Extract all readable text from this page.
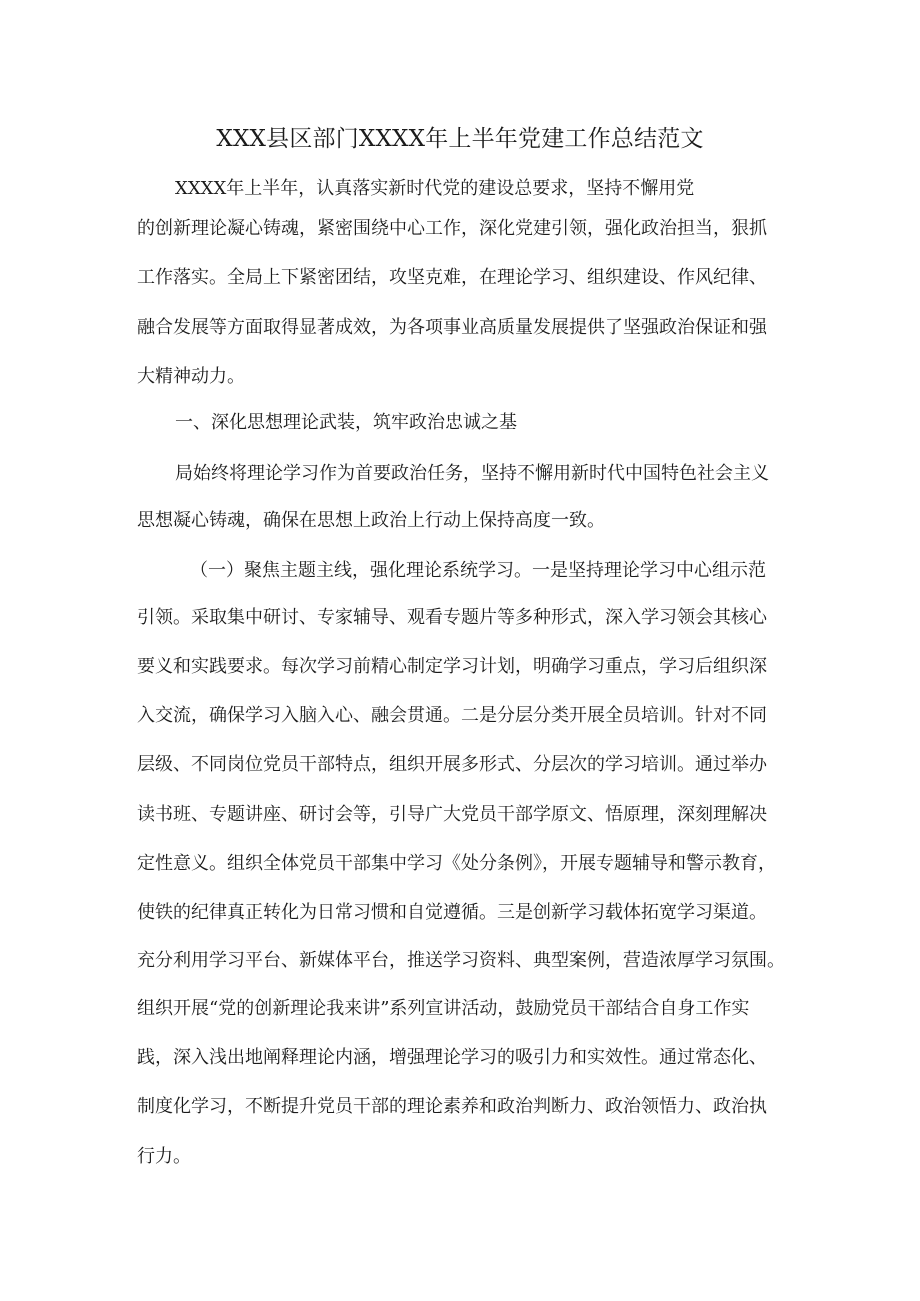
XXX县区部门XXXX年上半年党建工作总结范文
XXXX年上半年，认真落实新时代党的建设总要求，坚持不懈用党
的创新理论凝心铸魂，紧密围绕中心工作，深化党建引领，强化政治担当，狠抓
工作落实。全局上下紧密团结，攻坚克难，在理论学习、组织建设、作风纪律、
融合发展等方面取得显著成效，为各项事业高质量发展提供了坚强政治保证和强
大精神动力。
一、深化思想理论武装，筑牢政治忠诚之基
局始终将理论学习作为首要政治任务，坚持不懈用新时代中国特色社会主义
思想凝心铸魂，确保在思想上政治上行动上保持高度一致。
（一）聚焦主题主线，强化理论系统学习。一是坚持理论学习中心组示范
引领。采取集中研讨、专家辅导、观看专题片等多种形式，深入学习领会其核心
要义和实践要求。每次学习前精心制定学习计划，明确学习重点，学习后组织深
入交流，确保学习入脑入心、融会贯通。二是分层分类开展全员培训。针对不同
层级、不同岗位党员干部特点，组织开展多形式、分层次的学习培训。通过举办
读书班、专题讲座、研讨会等，引导广大党员干部学原文、悟原理，深刻理解决
定性意义。组织全体党员干部集中学习《处分条例》，开展专题辅导和警示教育，
使铁的纪律真正转化为日常习惯和自觉遵循。三是创新学习载体拓宽学习渠道。
充分利用学习平台、新媒体平台，推送学习资料、典型案例，营造浓厚学习氛围。
组织开展“党的创新理论我来讲”系列宣讲活动，鼓励党员干部结合自身工作实
践，深入浅出地阐释理论内涵，增强理论学习的吸引力和实效性。通过常态化、
制度化学习，不断提升党员干部的理论素养和政治判断力、政治领悟力、政治执
行力。
